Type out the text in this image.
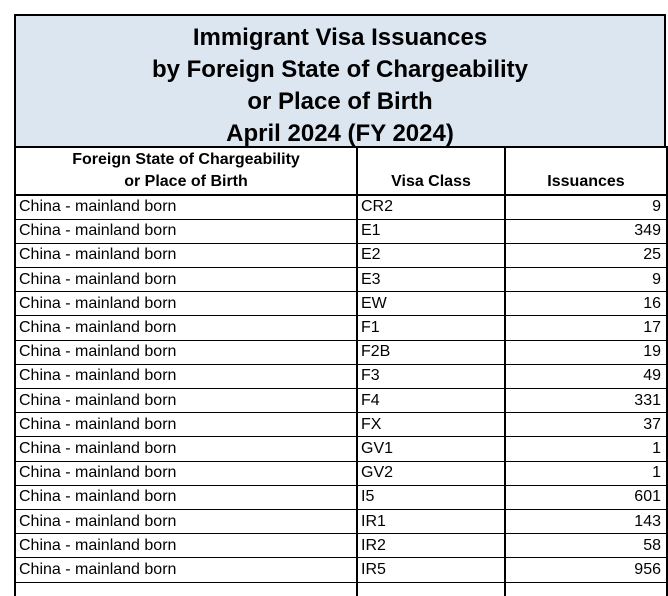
Immigrant Visa Issuances
by Foreign State of Chargeability
or Place of Birth
April 2024 (FY 2024)
Foreign State of Chargeability
or Place of Birth	Visa Class	Issuances
China - mainland born	CR2	9
China - mainland born	E1	349
China - mainland born	E2	25
China - mainland born	E3	9
China - mainland born	EW	16
China - mainland born	F1	17
China - mainland born	F2B	19
China - mainland born	F3	49
China - mainland born	F4	331
China - mainland born	FX	37
China - mainland born	GV1	1
China - mainland born	GV2	1
China - mainland born	I5	601
China - mainland born	IR1	143
China - mainland born	IR2	58
China - mainland born	IR5	956
